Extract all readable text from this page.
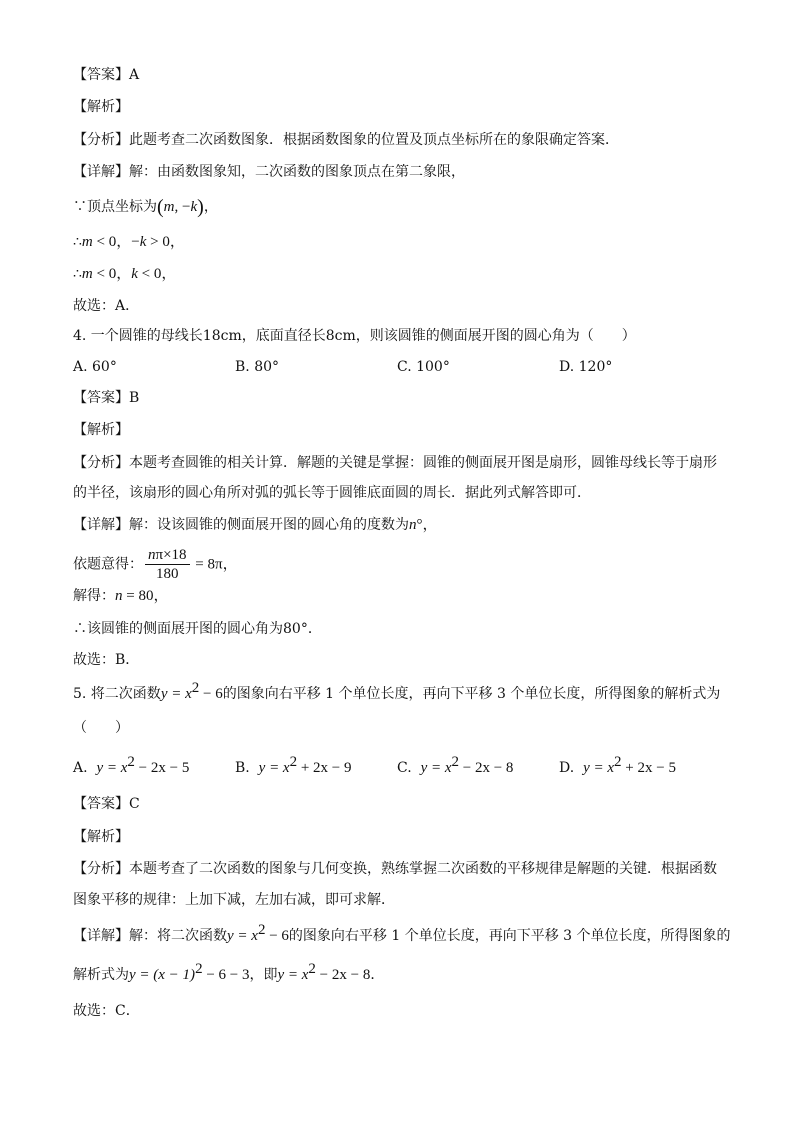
【答案】A
【解析】
【分析】此题考查二次函数图象．根据函数图象的位置及顶点坐标所在的象限确定答案．
【详解】解：由函数图象知，二次函数的图象顶点在第二象限，
∵顶点坐标为(m, −k)，
∴m < 0，−k > 0，
∴m < 0，k < 0，
故选：A．
4. 一个圆锥的母线长18cm，底面直径长8cm，则该圆锥的侧面展开图的圆心角为（　　）
A. 60°	B. 80°	C. 100°	D. 120°
【答案】B
【解析】
【分析】本题考查圆锥的相关计算．解题的关键是掌握：圆锥的侧面展开图是扇形，圆锥母线长等于扇形
的半径，该扇形的圆心角所对弧的弧长等于圆锥底面圆的周长．据此列式解答即可．
【详解】解：设该圆锥的侧面展开图的圆心角的度数为n°，
依题意得： $\frac{n\pi\times 18}{180} = 8\pi$，
解得：n = 80，
∴该圆锥的侧面展开图的圆心角为80°．
故选：B．
5. 将二次函数$y = x^2 - 6$的图象向右平移 1 个单位长度，再向下平移 3 个单位长度，所得图象的解析式为
（　　）
A. $y = x^2 - 2x - 5$	B. $y = x^2 + 2x - 9$	C. $y = x^2 - 2x - 8$	D. $y = x^2 + 2x - 5$
【答案】C
【解析】
【分析】本题考查了二次函数的图象与几何变换，熟练掌握二次函数的平移规律是解题的关键．根据函数
图象平移的规律：上加下减，左加右减，即可求解．
【详解】解：将二次函数$y = x^2 - 6$的图象向右平移 1 个单位长度，再向下平移 3 个单位长度，所得图象的
解析式为$y = (x - 1)^2 - 6 - 3$，即$y = x^2 - 2x - 8$．
故选：C．
